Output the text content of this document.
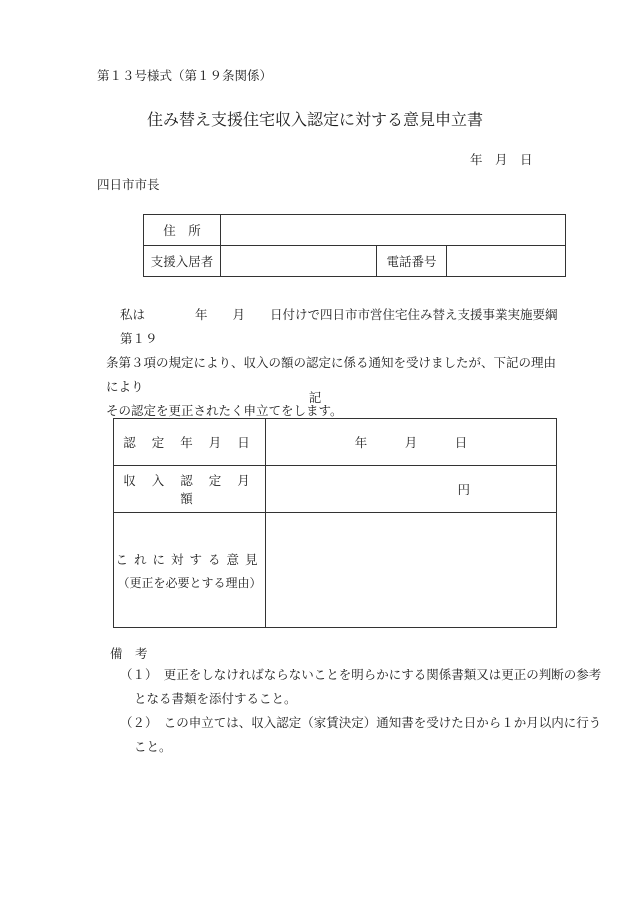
第１３号様式（第１９条関係）
住み替え支援住宅収入認定に対する意見申立書
年　月　日
四日市市長
住　所			
支援入居者		電話番号	
私は　　　　年　　月　　日付けで四日市市営住宅住み替え支援事業実施要綱第１９
条第３項の規定により、収入の額の認定に係る通知を受けましたが、下記の理由により
その認定を更正されたく申立てをします。
記
認 定 年 月 日	年　　　月　　　日
収 入 認 定 月 額	円

これに対する意見
（更正を必要とする理由）	

備　考
（１）　更正をしなければならないことを明らかにする関係書類又は更正の判断の参考
となる書類を添付すること。
（２）　この申立ては、収入認定（家賃決定）通知書を受けた日から１か月以内に行う
こと。
